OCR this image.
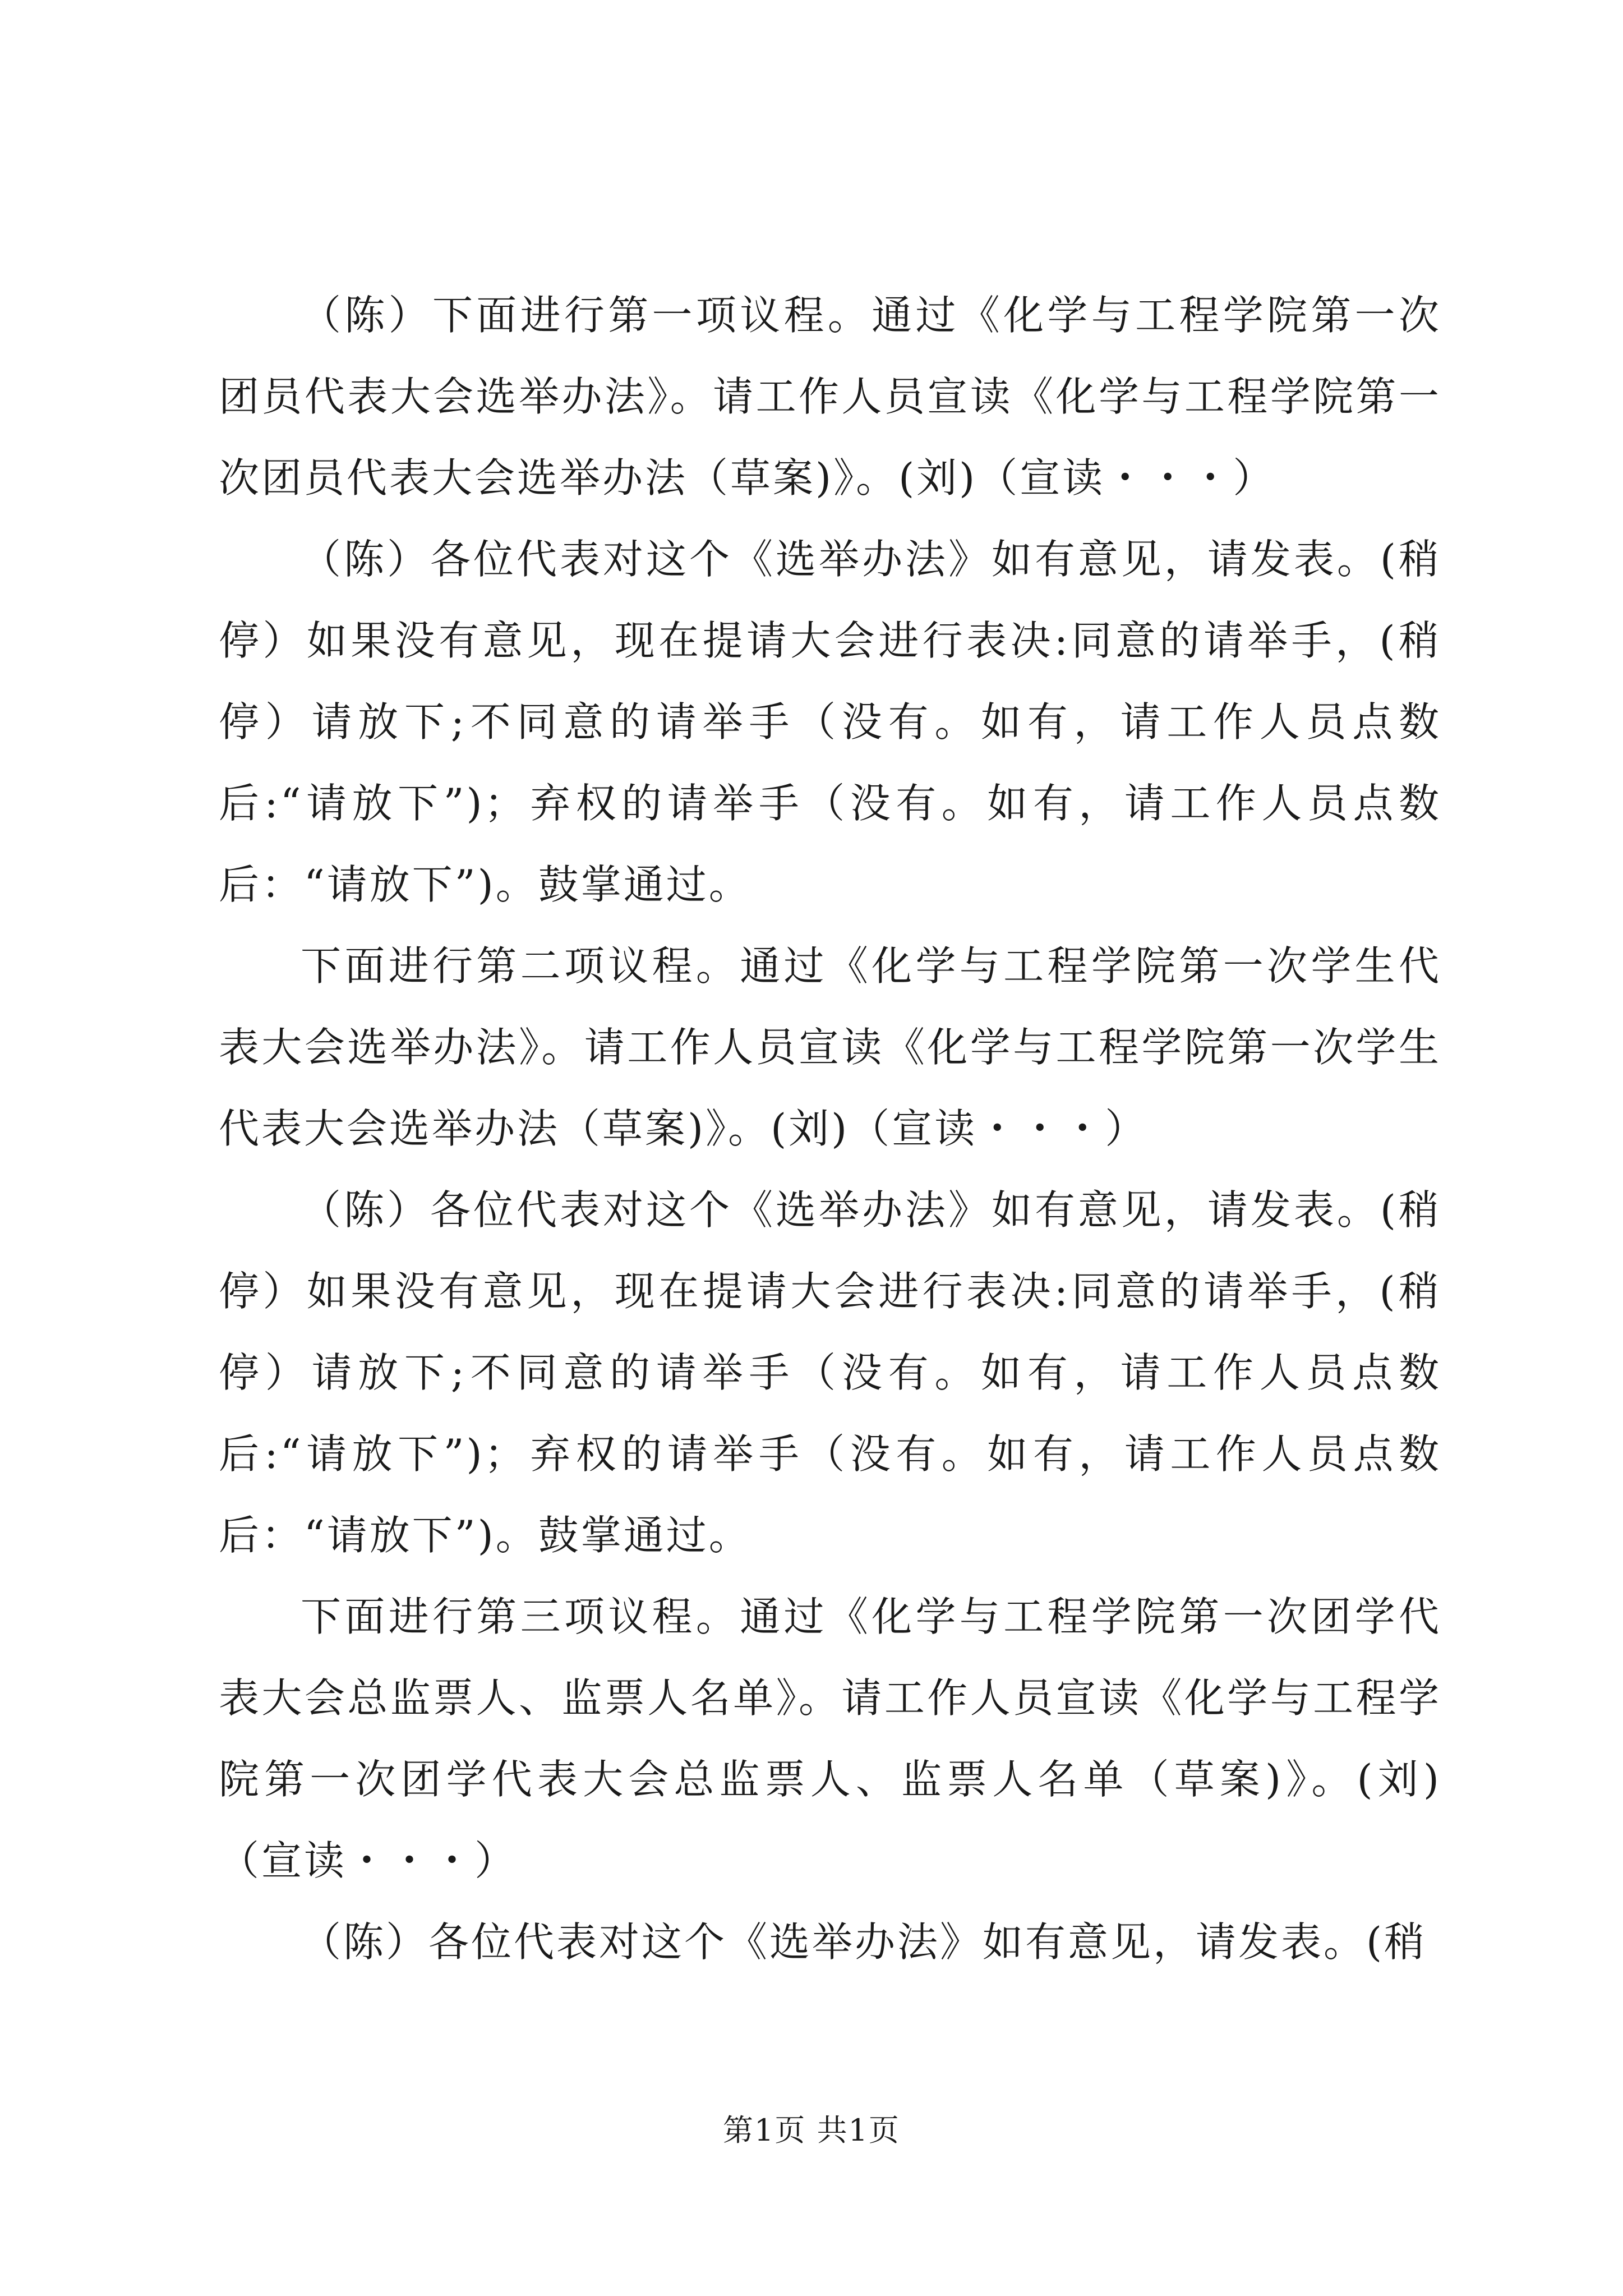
（陈）下面进行第一项议程。通过《化学与工程学院第一次团员代表大会选举办法》。请工作人员宣读《化学与工程学院第一次团员代表大会选举办法（草案)》。(刘)（宣读・・・）

（陈）各位代表对这个《选举办法》如有意见，请发表。(稍停）如果没有意见，现在提请大会进行表决:同意的请举手，(稍停）请放下;不同意的请举手（没有。如有，请工作人员点数后:“请放下”)；弃权的请举手（没有。如有，请工作人员点数后：“请放下”)。鼓掌通过。

下面进行第二项议程。通过《化学与工程学院第一次学生代表大会选举办法》。请工作人员宣读《化学与工程学院第一次学生代表大会选举办法（草案)》。(刘)（宣读・・・）

（陈）各位代表对这个《选举办法》如有意见，请发表。(稍停）如果没有意见，现在提请大会进行表决:同意的请举手，(稍停）请放下;不同意的请举手（没有。如有，请工作人员点数后:“请放下”)；弃权的请举手（没有。如有，请工作人员点数后：“请放下”)。鼓掌通过。

下面进行第三项议程。通过《化学与工程学院第一次团学代表大会总监票人、监票人名单》。请工作人员宣读《化学与工程学院第一次团学代表大会总监票人、监票人名单（草案)》。(刘)（宣读・・・）

（陈）各位代表对这个《选举办法》如有意见，请发表。(稍

第1页 共1页
